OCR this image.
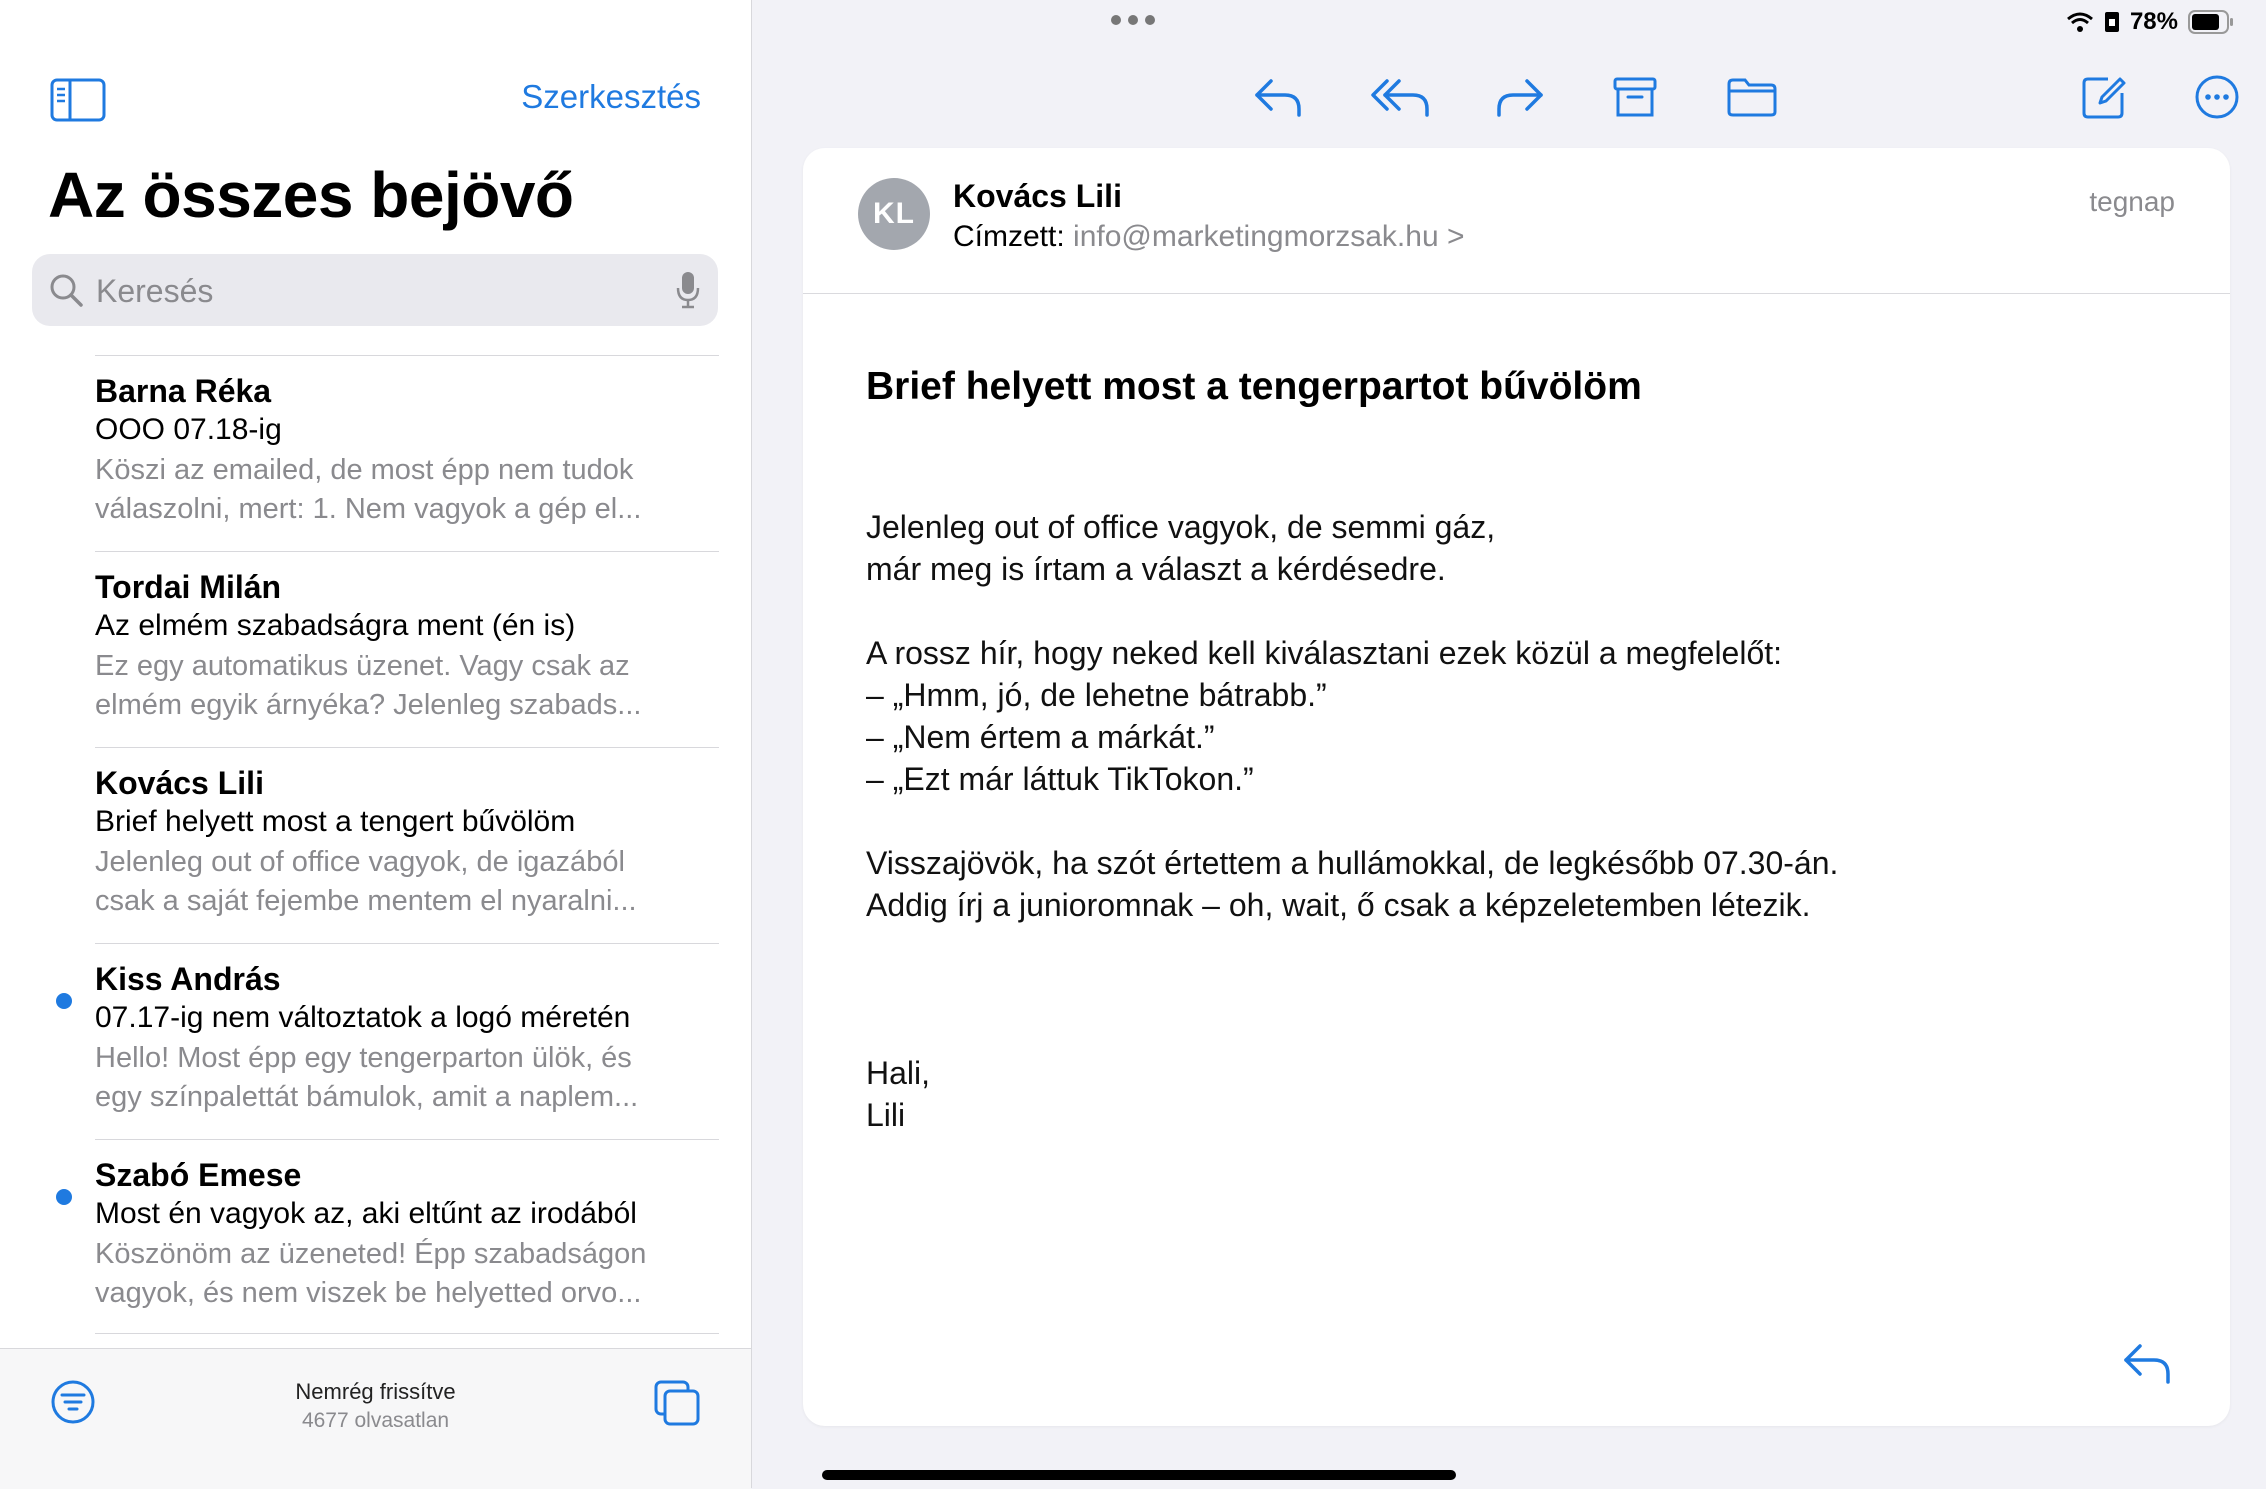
78%
Szerkesztés
Az összes bejövő
Keresés
Barna Réka
OOO 07.18-ig
Köszi az emailed, de most épp nem tudok
válaszolni, mert: 1. Nem vagyok a gép el...
Tordai Milán
Az elmém szabadságra ment (én is)
Ez egy automatikus üzenet. Vagy csak az
elmém egyik árnyéka? Jelenleg szabads...
Kovács Lili
Brief helyett most a tengert bűvölöm
Jelenleg out of office vagyok, de igazából
csak a saját fejembe mentem el nyaralni...
Kiss András
07.17-ig nem változtatok a logó méretén
Hello! Most épp egy tengerparton ülök, és
egy színpalettát bámulok, amit a naplem...
Szabó Emese
Most én vagyok az, aki eltűnt az irodából
Köszönöm az üzeneted! Épp szabadságon
vagyok, és nem viszek be helyetted orvo...
Nemrég frissítve
4677 olvasatlan
KL	Kovács Lili
Címzett: info@marketingmorzsak.hu >
tegnap
Brief helyett most a tengerpartot bűvölöm
Jelenleg out of office vagyok, de semmi gáz,
már meg is írtam a választ a kérdésedre.
A rossz hír, hogy neked kell kiválasztani ezek közül a megfelelőt:
– „Hmm, jó, de lehetne bátrabb.”
– „Nem értem a márkát.”
– „Ezt már láttuk TikTokon.”
Visszajövök, ha szót értettem a hullámokkal, de legkésőbb 07.30-án.
Addig írj a junioromnak – oh, wait, ő csak a képzeletemben létezik.
Hali,
Lili
